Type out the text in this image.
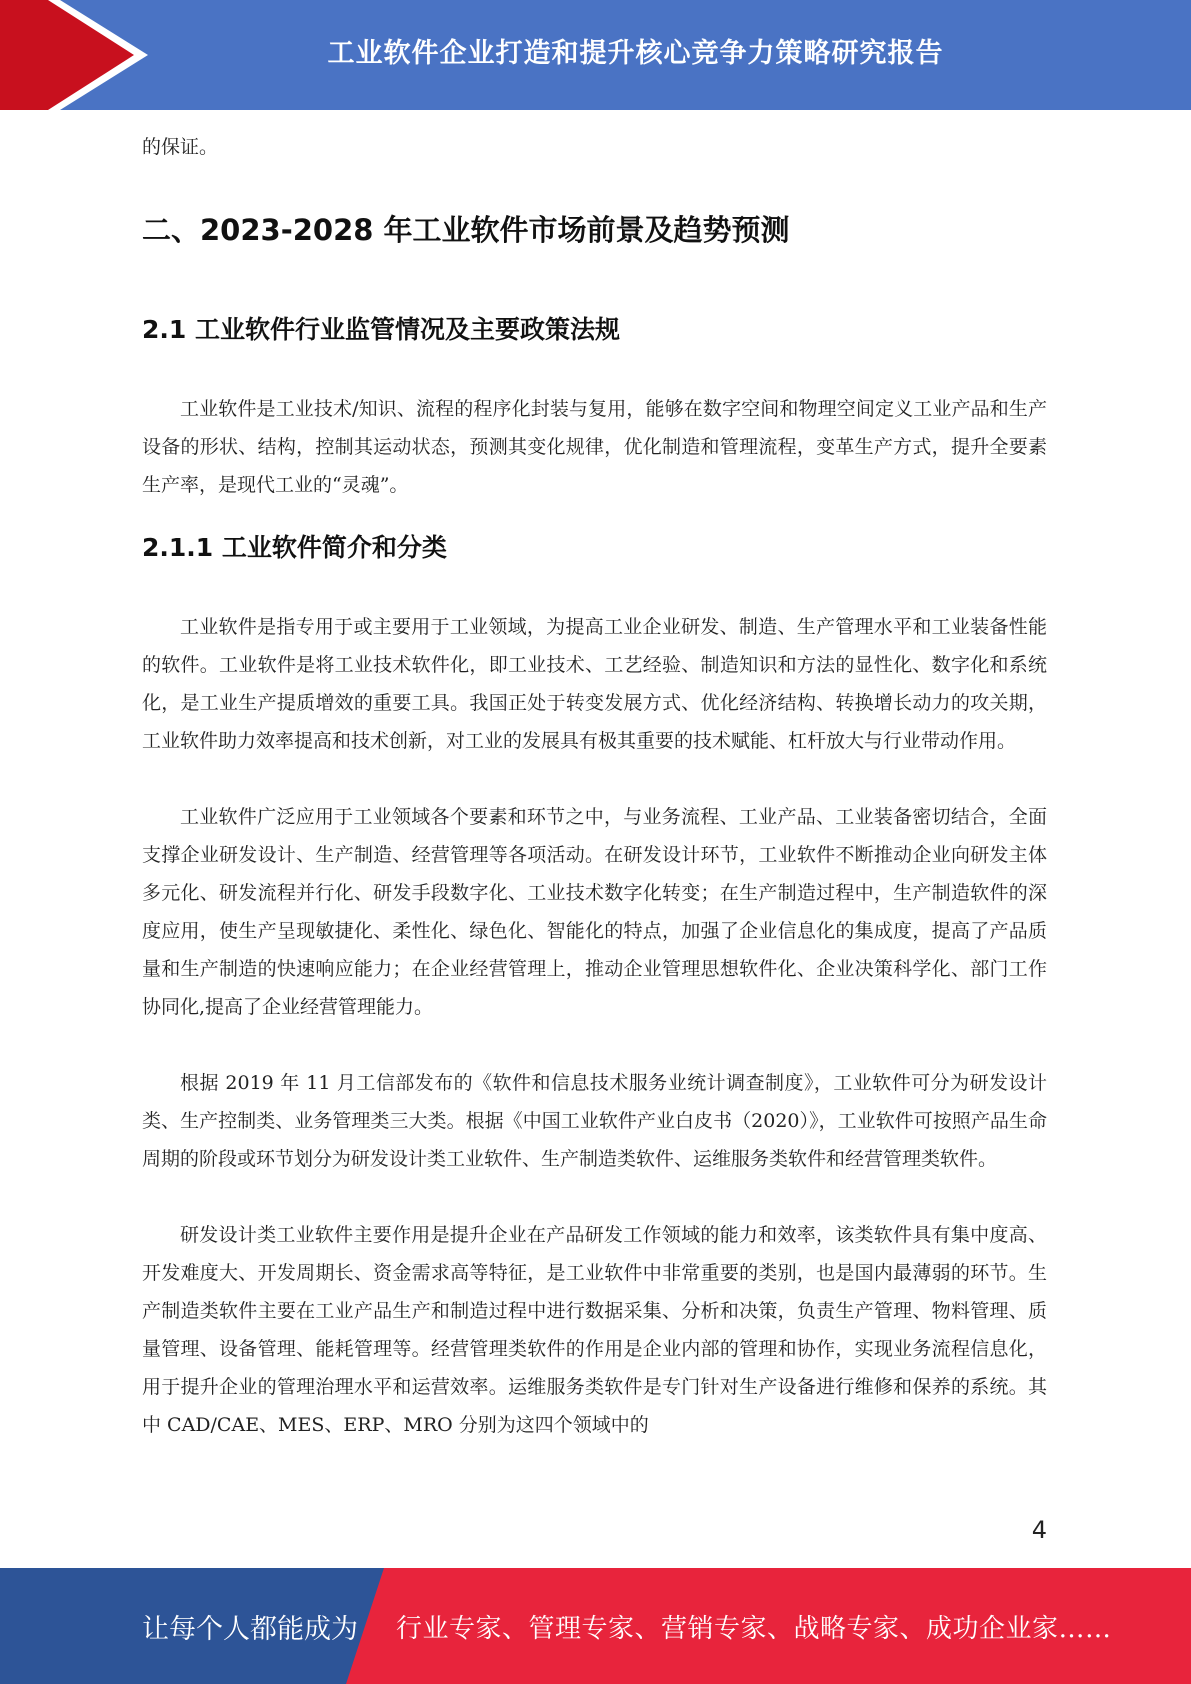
工业软件企业打造和提升核心竞争力策略研究报告

的保证。

二、2023-2028 年工业软件市场前景及趋势预测
2.1 工业软件行业监管情况及主要政策法规

工业软件是工业技术/知识、流程的程序化封装与复用，能够在数字空间和物理空间定义工业产品和生产设备的形状、结构，控制其运动状态，预测其变化规律，优化制造和管理流程，变革生产方式，提升全要素生产率，是现代工业的“灵魂”。

2.1.1 工业软件简介和分类

工业软件是指专用于或主要用于工业领域，为提高工业企业研发、制造、生产管理水平和工业装备性能的软件。工业软件是将工业技术软件化，即工业技术、工艺经验、制造知识和方法的显性化、数字化和系统化，是工业生产提质增效的重要工具。我国正处于转变发展方式、优化经济结构、转换增长动力的攻关期，工业软件助力效率提高和技术创新，对工业的发展具有极其重要的技术赋能、杠杆放大与行业带动作用。

工业软件广泛应用于工业领域各个要素和环节之中，与业务流程、工业产品、工业装备密切结合，全面支撑企业研发设计、生产制造、经营管理等各项活动。在研发设计环节，工业软件不断推动企业向研发主体多元化、研发流程并行化、研发手段数字化、工业技术数字化转变；在生产制造过程中，生产制造软件的深度应用，使生产呈现敏捷化、柔性化、绿色化、智能化的特点，加强了企业信息化的集成度，提高了产品质量和生产制造的快速响应能力；在企业经营管理上，推动企业管理思想软件化、企业决策科学化、部门工作协同化,提高了企业经营管理能力。

根据 2019 年 11 月工信部发布的《软件和信息技术服务业统计调查制度》，工业软件可分为研发设计类、生产控制类、业务管理类三大类。根据《中国工业软件产业白皮书（2020）》，工业软件可按照产品生命周期的阶段或环节划分为研发设计类工业软件、生产制造类软件、运维服务类软件和经营管理类软件。

研发设计类工业软件主要作用是提升企业在产品研发工作领域的能力和效率，该类软件具有集中度高、开发难度大、开发周期长、资金需求高等特征，是工业软件中非常重要的类别，也是国内最薄弱的环节。生产制造类软件主要在工业产品生产和制造过程中进行数据采集、分析和决策，负责生产管理、物料管理、质量管理、设备管理、能耗管理等。经营管理类软件的作用是企业内部的管理和协作，实现业务流程信息化，用于提升企业的管理治理水平和运营效率。运维服务类软件是专门针对生产设备进行维修和保养的系统。其中 CAD/CAE、MES、ERP、MRO 分别为这四个领域中的

4
让每个人都能成为 行业专家、管理专家、营销专家、战略专家、成功企业家……
